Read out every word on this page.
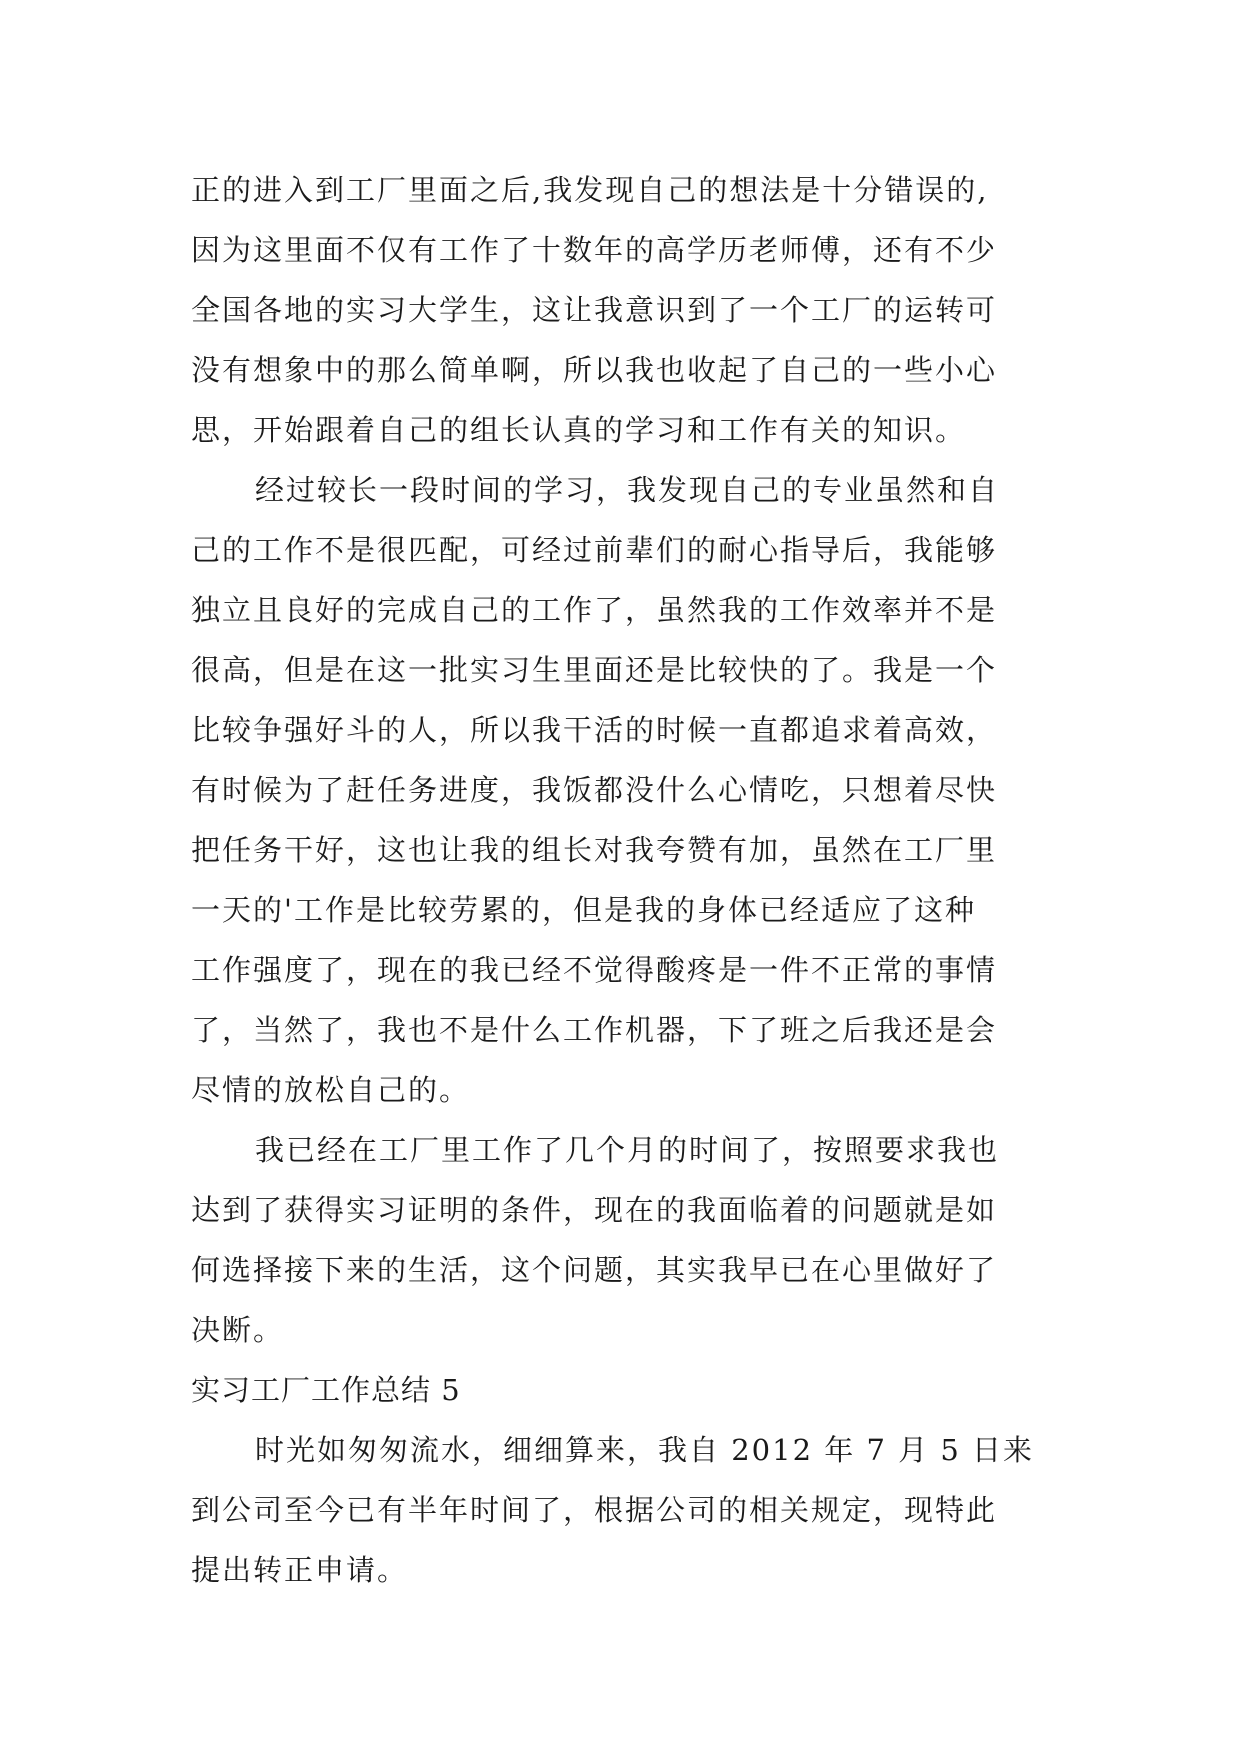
正的进入到工厂里面之后,我发现自己的想法是十分错误的,
因为这里面不仅有工作了十数年的高学历老师傅，还有不少
全国各地的实习大学生，这让我意识到了一个工厂的运转可
没有想象中的那么简单啊，所以我也收起了自己的一些小心
思，开始跟着自己的组长认真的学习和工作有关的知识。
经过较长一段时间的学习，我发现自己的专业虽然和自
己的工作不是很匹配，可经过前辈们的耐心指导后，我能够
独立且良好的完成自己的工作了，虽然我的工作效率并不是
很高，但是在这一批实习生里面还是比较快的了。我是一个
比较争强好斗的人，所以我干活的时候一直都追求着高效，
有时候为了赶任务进度，我饭都没什么心情吃，只想着尽快
把任务干好，这也让我的组长对我夸赞有加，虽然在工厂里
一天的'工作是比较劳累的，但是我的身体已经适应了这种
工作强度了，现在的我已经不觉得酸疼是一件不正常的事情
了，当然了，我也不是什么工作机器，下了班之后我还是会
尽情的放松自己的。
我已经在工厂里工作了几个月的时间了，按照要求我也
达到了获得实习证明的条件，现在的我面临着的问题就是如
何选择接下来的生活，这个问题，其实我早已在心里做好了
决断。
实习工厂工作总结 5
时光如匆匆流水，细细算来，我自 2012 年 7 月 5 日来
到公司至今已有半年时间了，根据公司的相关规定，现特此
提出转正申请。
